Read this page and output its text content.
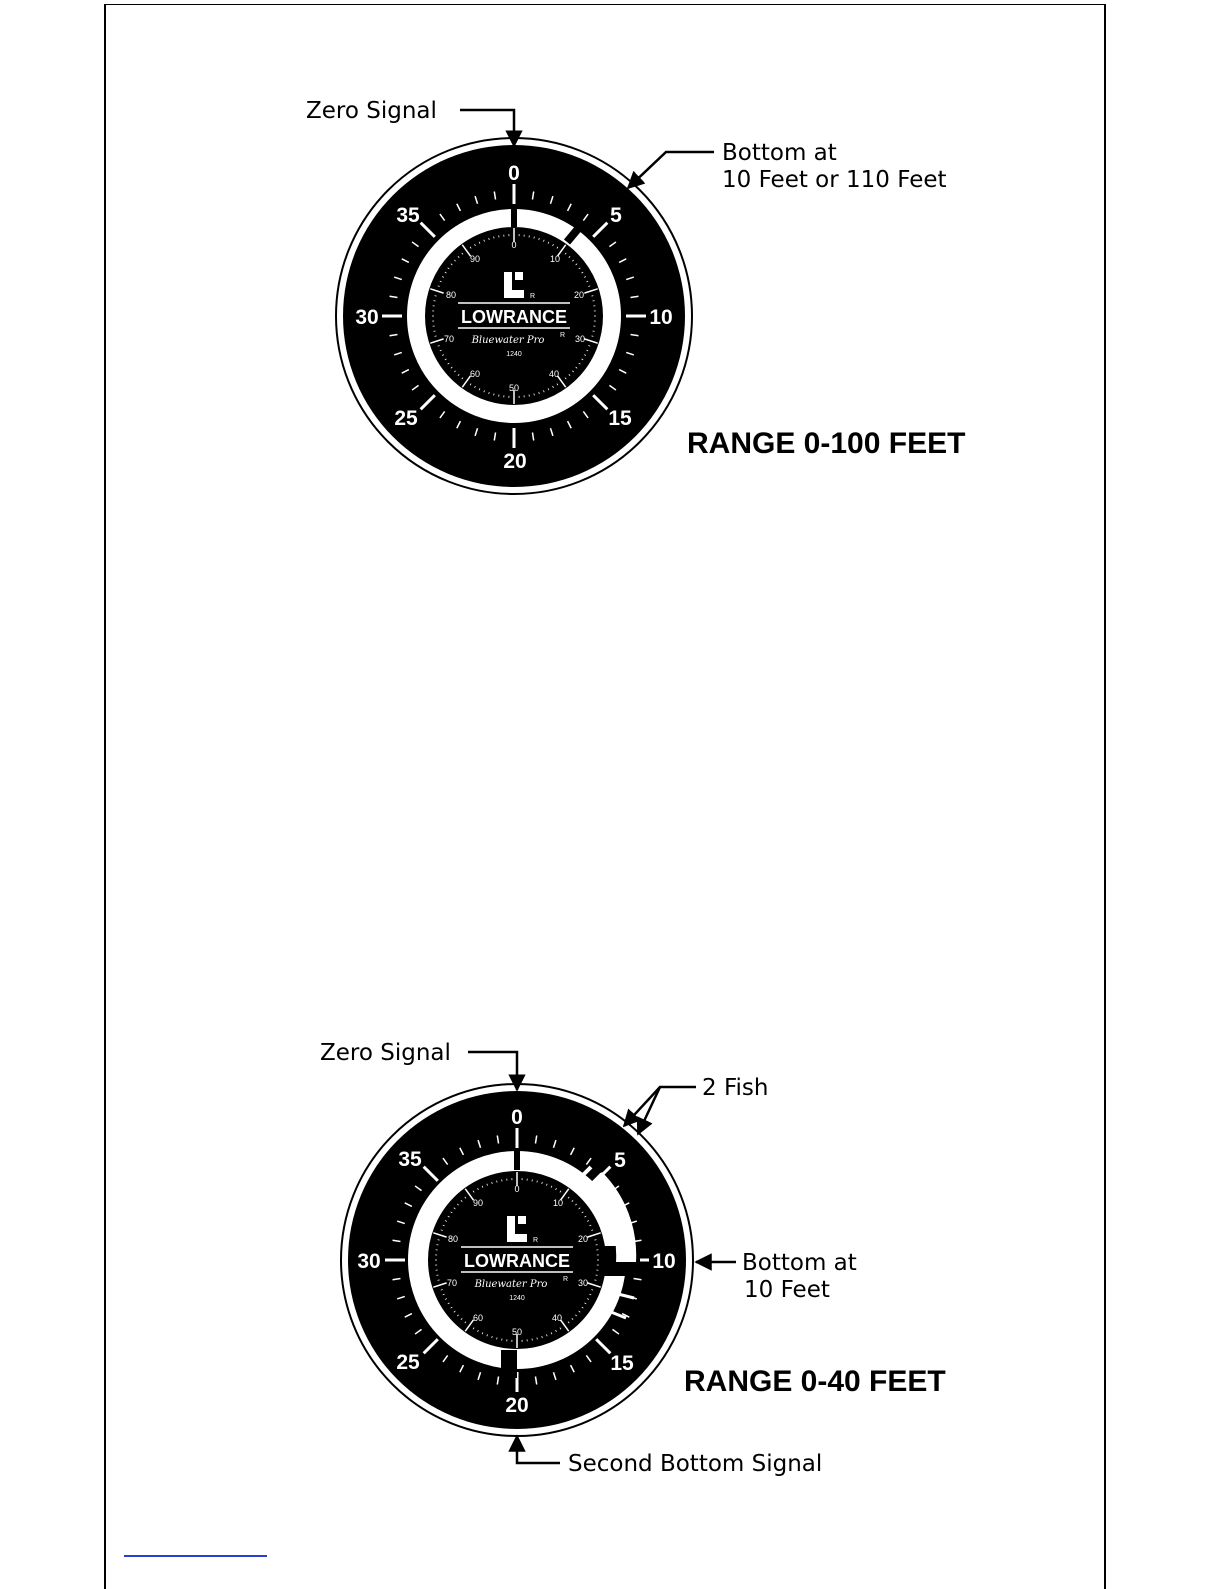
0
5
10
15
20
25
30
35
0
10
20
30
40
50
60
70
80
90
R
LOWRANCE
Bluewater Pro R
1240
Zero Signal
Bottom at
10 Feet or 110 Feet
RANGE 0-100 FEET
0
5
10
15
20
25
30
35
0
10
20
30
40
50
60
70
80
90
R
LOWRANCE
Bluewater Pro R
1240
Zero Signal
2 Fish
Bottom at
10 Feet
RANGE 0-40 FEET
Second Bottom Signal
